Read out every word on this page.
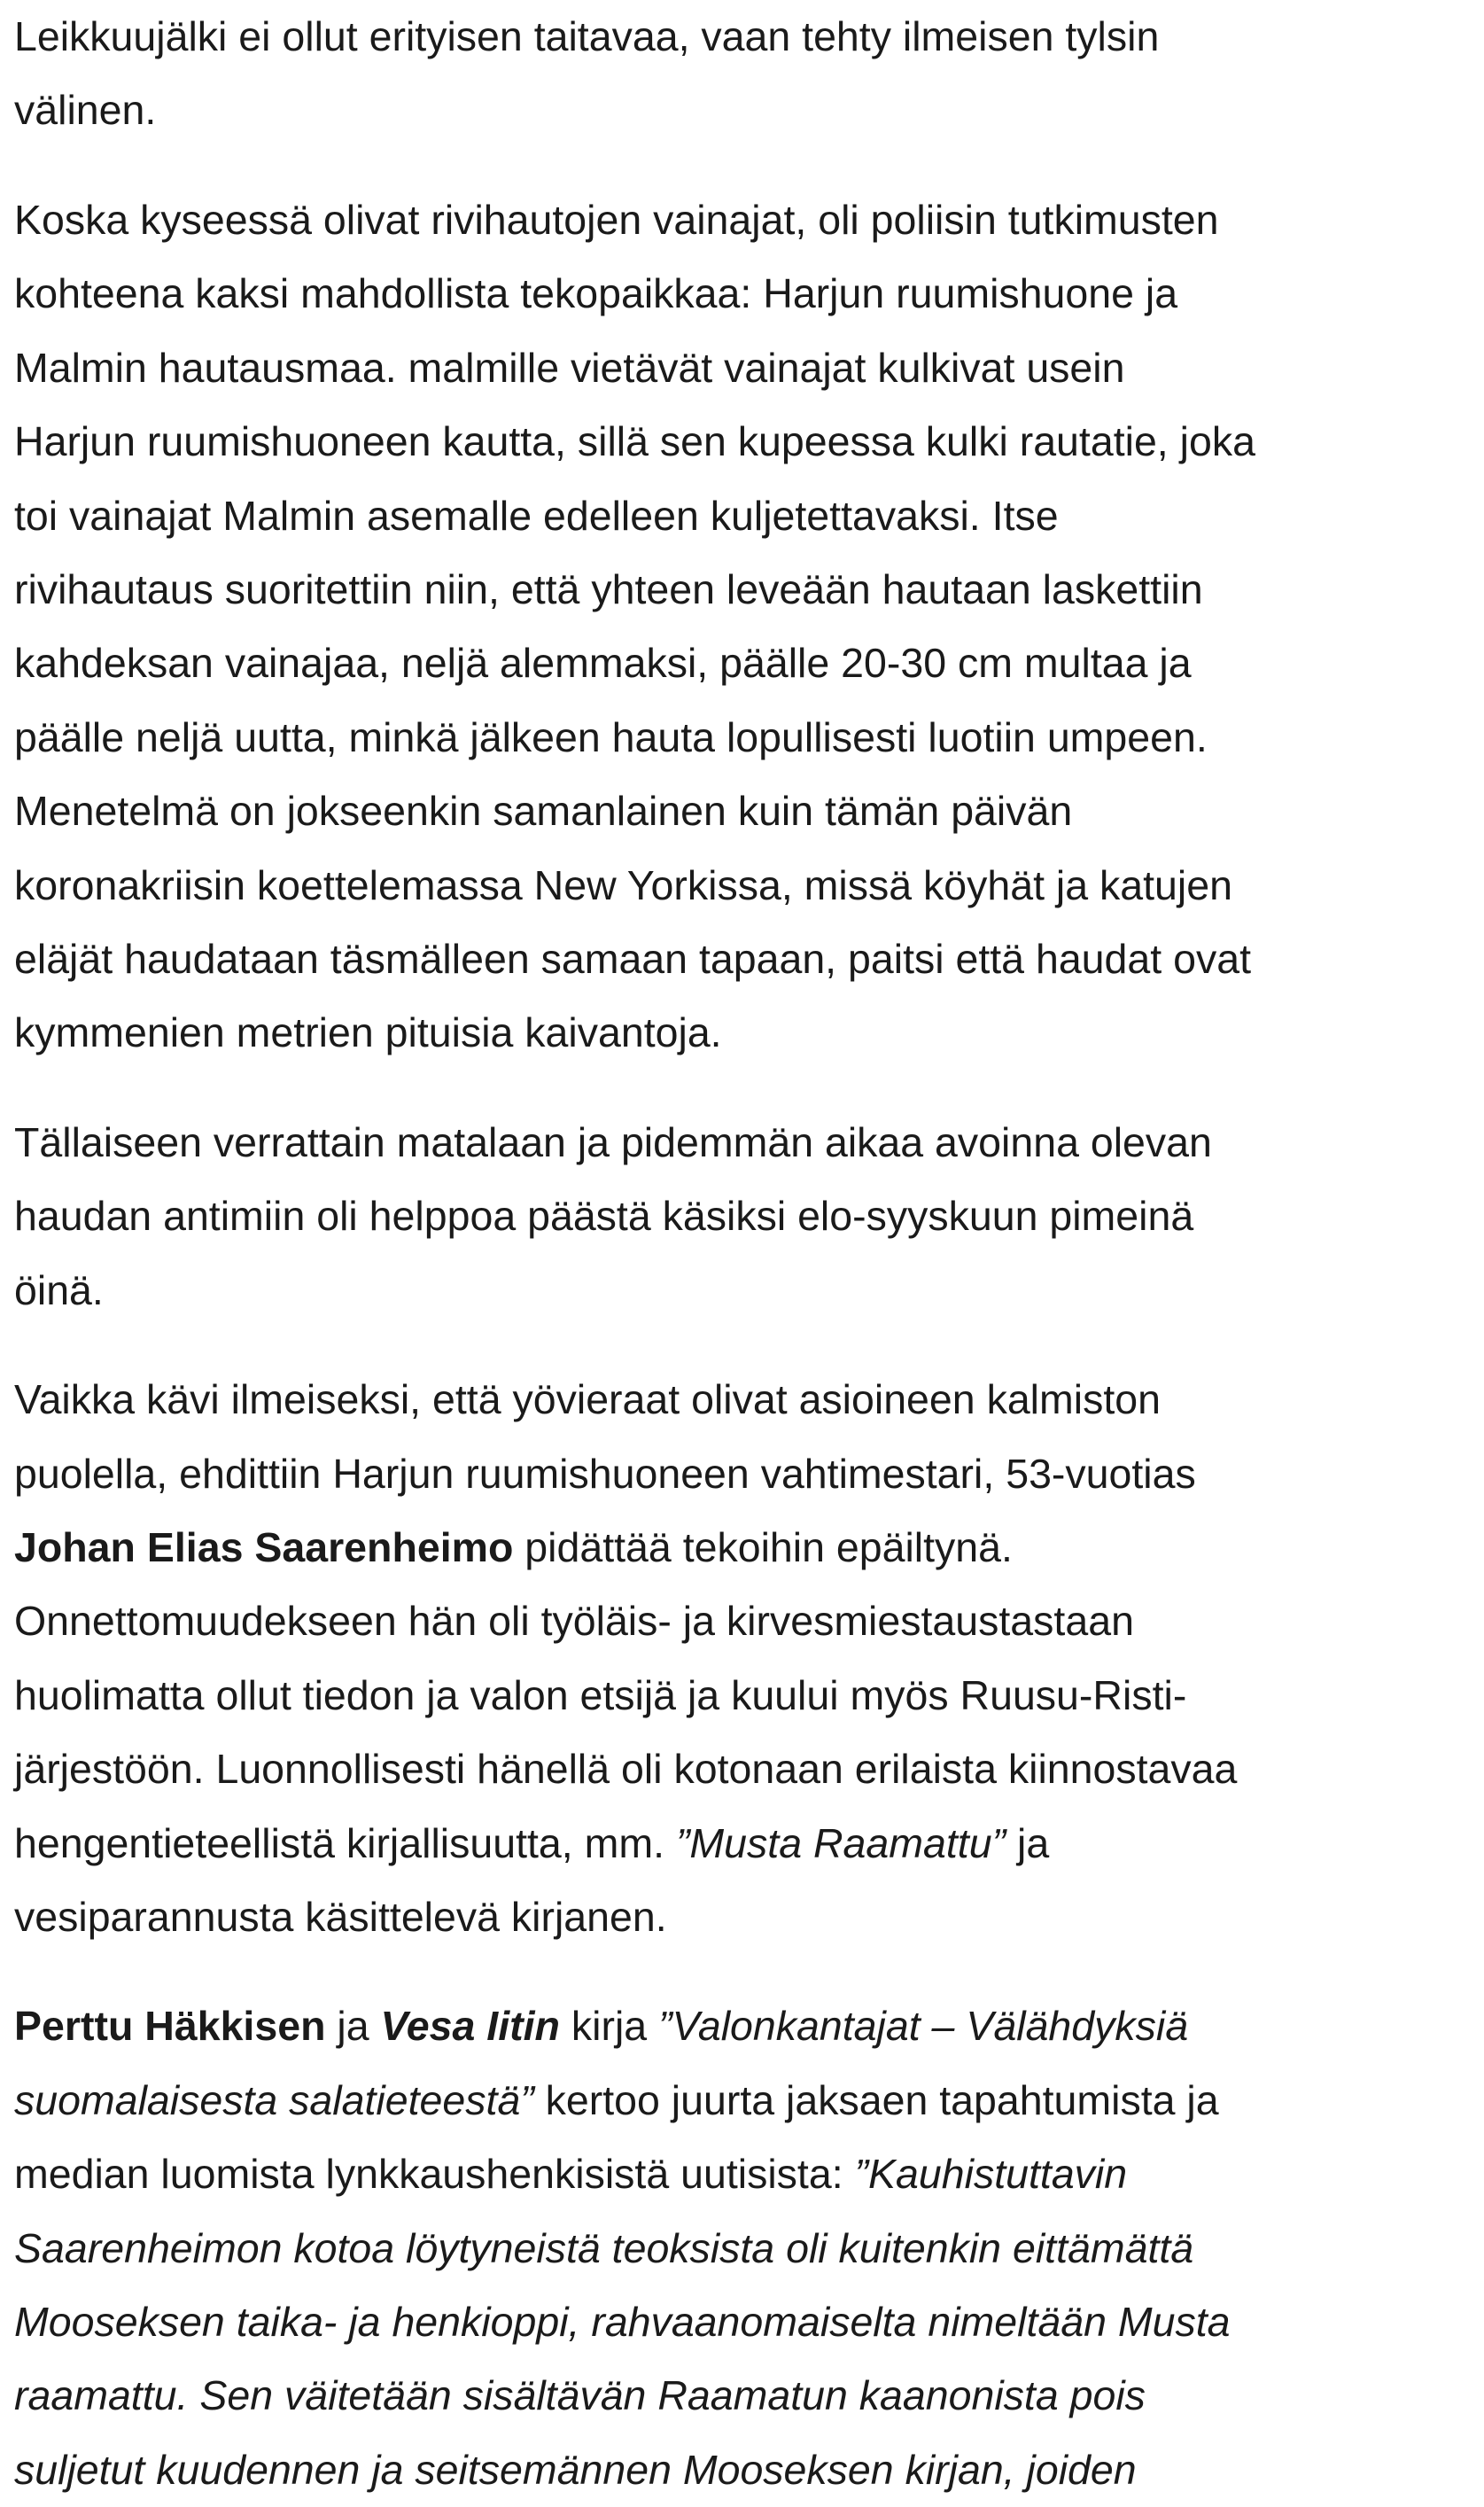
Leikkuujälki ei ollut erityisen taitavaa, vaan tehty ilmeisen tylsin
välinen.
Koska kyseessä olivat rivihautojen vainajat, oli poliisin tutkimusten
kohteena kaksi mahdollista tekopaikkaa: Harjun ruumishuone ja
Malmin hautausmaa. malmille vietävät vainajat kulkivat usein
Harjun ruumishuoneen kautta, sillä sen kupeessa kulki rautatie, joka
toi vainajat Malmin asemalle edelleen kuljetettavaksi. Itse
rivihautaus suoritettiin niin, että yhteen leveään hautaan laskettiin
kahdeksan vainajaa, neljä alemmaksi, päälle 20-30 cm multaa ja
päälle neljä uutta, minkä jälkeen hauta lopullisesti luotiin umpeen.
Menetelmä on jokseenkin samanlainen kuin tämän päivän
koronakriisin koettelemassa New Yorkissa, missä köyhät ja katujen
eläjät haudataan täsmälleen samaan tapaan, paitsi että haudat ovat
kymmenien metrien pituisia kaivantoja.
Tällaiseen verrattain matalaan ja pidemmän aikaa avoinna olevan
haudan antimiin oli helppoa päästä käsiksi elo-syyskuun pimeinä
öinä.
Vaikka kävi ilmeiseksi, että yövieraat olivat asioineen kalmiston
puolella, ehdittiin Harjun ruumishuoneen vahtimestari, 53-vuotias
Johan Elias Saarenheimo pidättää tekoihin epäiltynä.
Onnettomuudekseen hän oli työläis- ja kirvesmiestaustastaan
huolimatta ollut tiedon ja valon etsijä ja kuului myös Ruusu-Risti-
järjestöön. Luonnollisesti hänellä oli kotonaan erilaista kiinnostavaa
hengentieteellistä kirjallisuutta, mm. ”Musta Raamattu” ja
vesiparannusta käsittelevä kirjanen.
Perttu Häkkisen ja Vesa Iitin kirja ”Valonkantajat – Välähdyksiä
suomalaisesta salatieteestä” kertoo juurta jaksaen tapahtumista ja
median luomista lynkkaushenkisistä uutisista: ”Kauhistuttavin
Saarenheimon kotoa löytyneistä teoksista oli kuitenkin eittämättä
Mooseksen taika- ja henkioppi, rahvaanomaiselta nimeltään Musta
raamattu. Sen väitetään sisältävän Raamatun kaanonista pois
suljetut kuudennen ja seitsemännen Mooseksen kirjan, joiden
